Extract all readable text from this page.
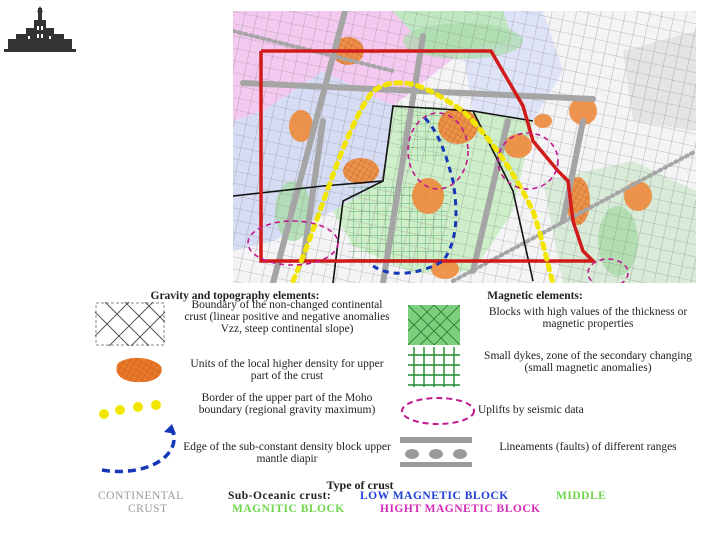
Gravity and topography elements:
Boundary of the non-changed continental crust (linear positive and negative anomalies Vzz, steep continental slope)
Units of the local higher density for upper part of the crust
Border of the upper part of the Moho boundary (regional gravity maximum)
Edge of the sub-constant density block upper mantle diapir
Magnetic elements:
Blocks with high values of the thickness or magnetic properties
Small dykes, zone of the secondary changing (small magnetic anomalies)
Uplifts by seismic data
Lineaments (faults) of different ranges
Type of crust
CONTINENTAL
CRUST
Sub-Oceanic crust:	LOW MAGNETIC BLOCK	MIDDLE
MAGNITIC BLOCK	HIGHT MAGNETIC BLOCK
